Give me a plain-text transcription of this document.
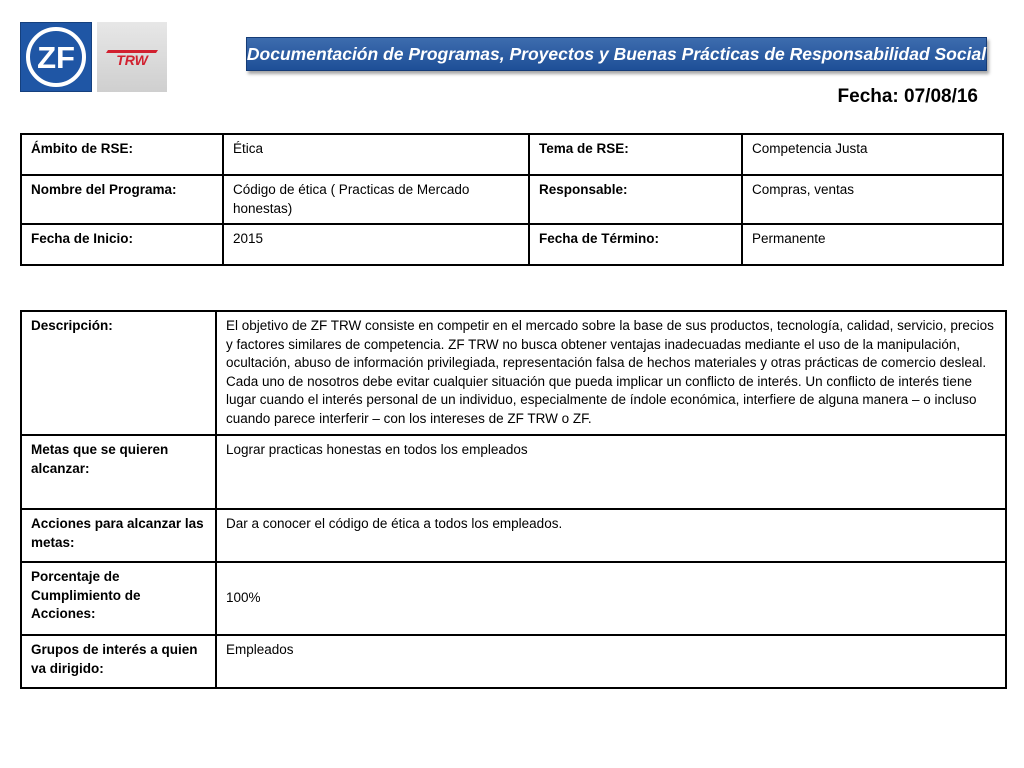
ZF	TRW	Documentación de Programas, Proyectos y Buenas Prácticas de Responsabilidad Social
Fecha: 07/08/16
Ámbito de RSE:	Ética	Tema de RSE:	Competencia Justa
Nombre del Programa:	Código de ética ( Practicas de Mercado honestas)	Responsable:	Compras, ventas
Fecha de Inicio:	2015	Fecha de Término:	Permanente
Descripción:	El objetivo de ZF TRW consiste en competir en el mercado sobre la base de sus productos, tecnología, calidad, servicio, precios y factores similares de competencia. ZF TRW no busca obtener ventajas inadecuadas mediante el uso de la manipulación, ocultación, abuso de información privilegiada, representación falsa de hechos materiales y otras prácticas de comercio desleal. Cada uno de nosotros debe evitar cualquier situación que pueda implicar un conflicto de interés. Un conflicto de interés tiene lugar cuando el interés personal de un individuo, especialmente de índole económica, interfiere de alguna manera – o incluso cuando parece interferir – con los intereses de ZF TRW o ZF.
Metas que se quieren alcanzar:	Lograr practicas honestas en todos los empleados
Acciones para alcanzar las metas:	Dar a conocer el código de ética a todos los empleados.
Porcentaje de Cumplimiento de Acciones:	100%
Grupos de interés a quien va dirigido:	Empleados
